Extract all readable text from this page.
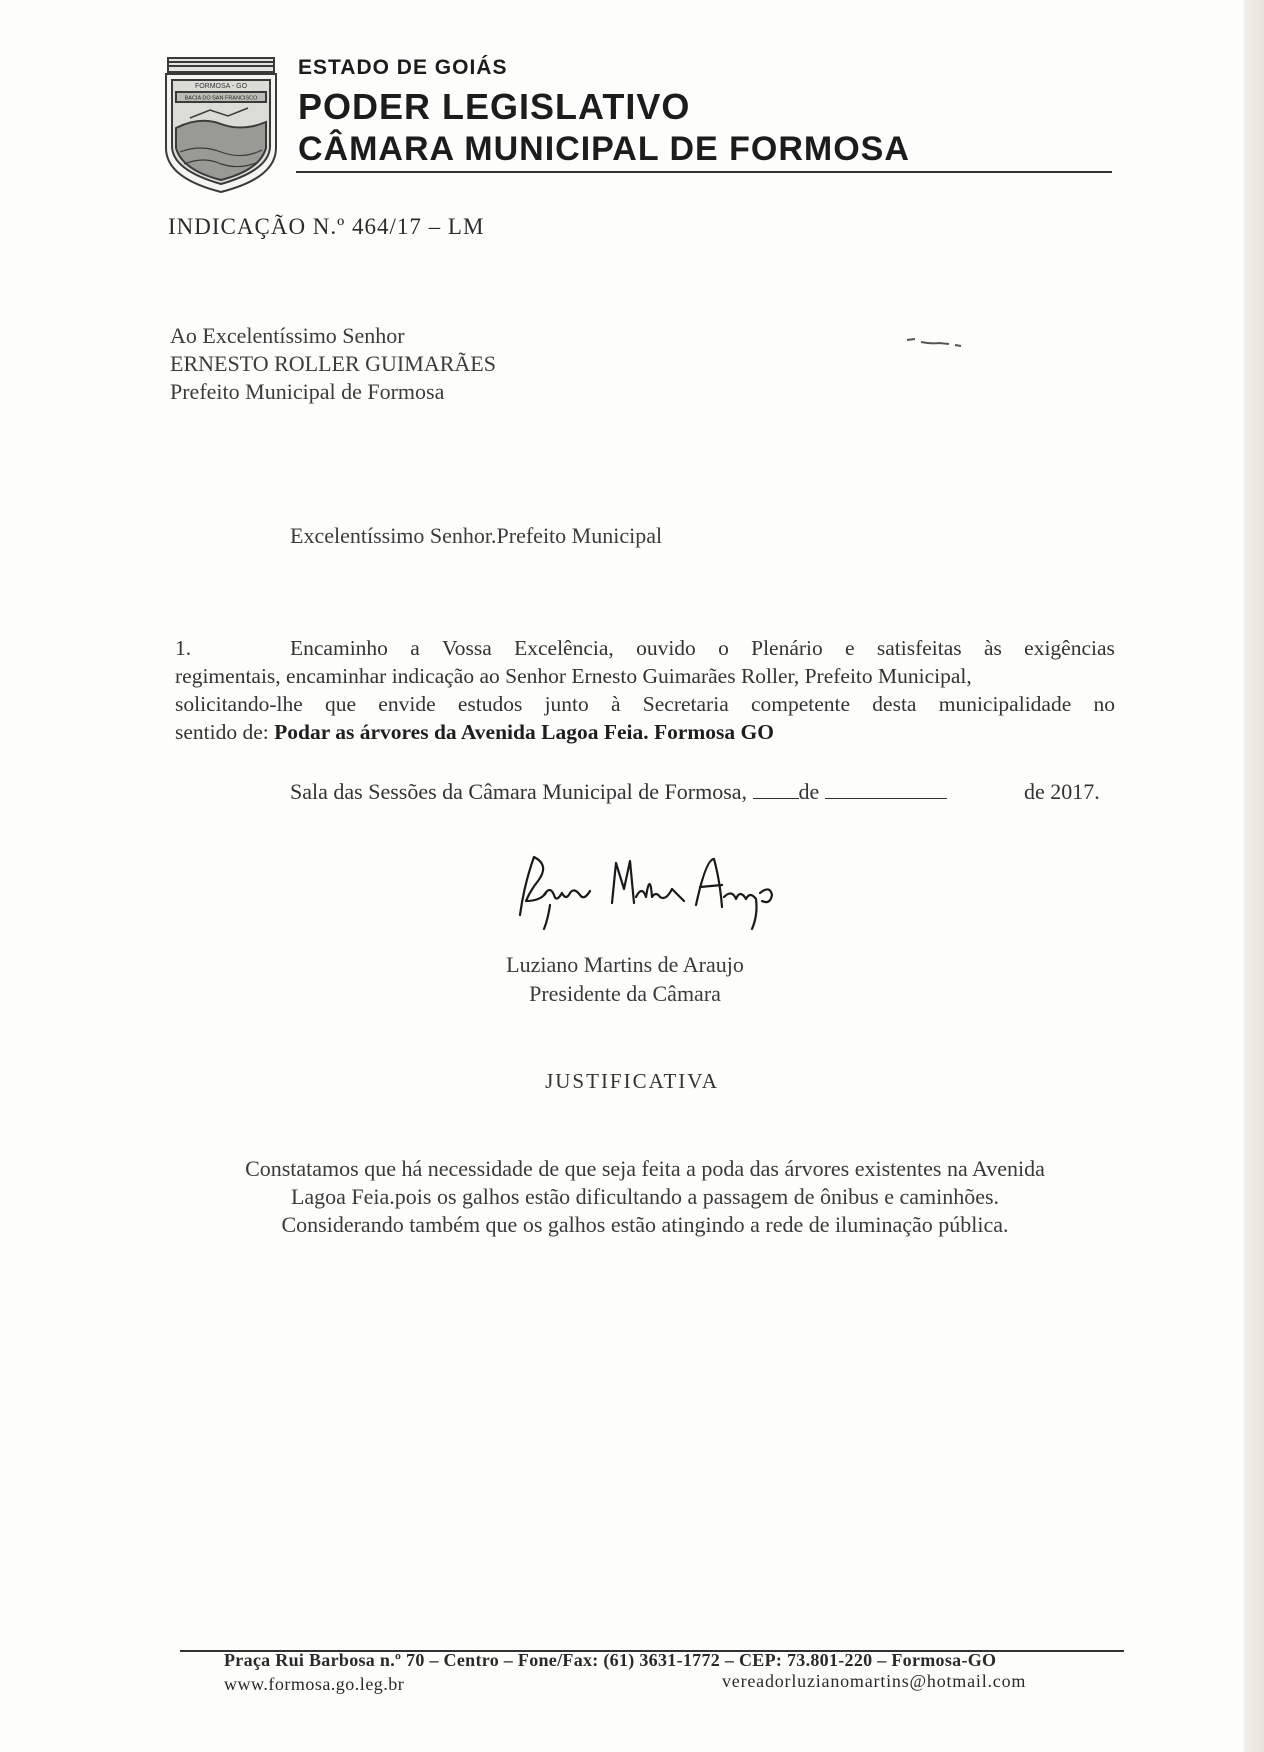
FORMOSA - GO
BACIA DO SAN FRANCISCO
ESTADO DE GOIÁS
PODER LEGISLATIVO
CÂMARA MUNICIPAL DE FORMOSA
INDICAÇÃO N.º 464/17 – LM
Ao Excelentíssimo Senhor
ERNESTO ROLLER GUIMARÃES
Prefeito Municipal de Formosa
Excelentíssimo Senhor.Prefeito Municipal
1.	Encaminho a Vossa Excelência, ouvido o Plenário e satisfeitas às exigências
regimentais, encaminhar indicação ao Senhor Ernesto Guimarães Roller, Prefeito Municipal,
solicitando-lhe que envide estudos junto à Secretaria competente desta municipalidade no
sentido de: Podar as árvores da Avenida Lagoa Feia. Formosa GO
Sala das Sessões da Câmara Municipal de Formosa, de	de 2017.
Luziano Martins Araujo
Luziano Martins de Araujo
Presidente da Câmara
JUSTIFICATIVA
Constatamos que há necessidade de que seja feita a poda das árvores existentes na Avenida
Lagoa Feia.pois os galhos estão dificultando a passagem de ônibus e caminhões.
Considerando também que os galhos estão atingindo a rede de iluminação pública.
Praça Rui Barbosa n.º 70 – Centro – Fone/Fax: (61) 3631-1772 – CEP: 73.801-220 – Formosa-GO
www.formosa.go.leg.br	vereadorluzianomartins@hotmail.com
